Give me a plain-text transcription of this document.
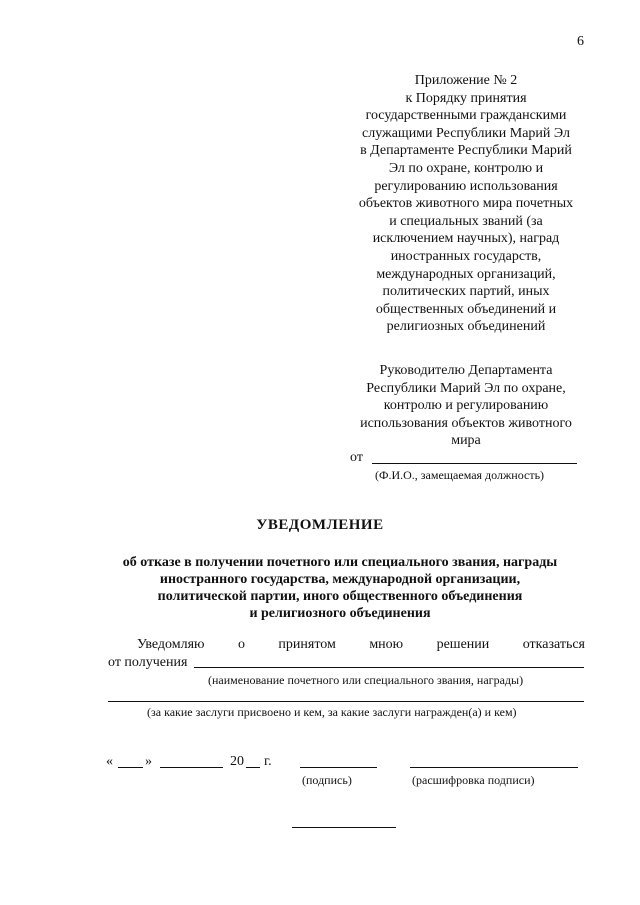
6
Приложение № 2
к Порядку принятия
государственными гражданскими
служащими Республики Марий Эл
в Департаменте Республики Марий
Эл по охране, контролю и
регулированию использования
объектов животного мира почетных
и специальных званий (за
исключением научных), наград
иностранных государств,
международных организаций,
политических партий, иных
общественных объединений и
религиозных объединений
Руководителю Департамента
Республики Марий Эл по охране,
контролю и регулированию
использования объектов животного
мира
от
(Ф.И.О., замещаемая должность)
УВЕДОМЛЕНИЕ
об отказе в получении почетного или специального звания, награды
иностранного государства, международной организации,
политической партии, иного общественного объединения
и религиозного объединения
Уведомляю о принятом мною решении отказаться
от получения
(наименование почетного или специального звания, награды)
(за какие заслуги присвоено и кем, за какие заслуги награжден(а) и кем)
« »	20 г.
(подпись)	(расшифровка подписи)
